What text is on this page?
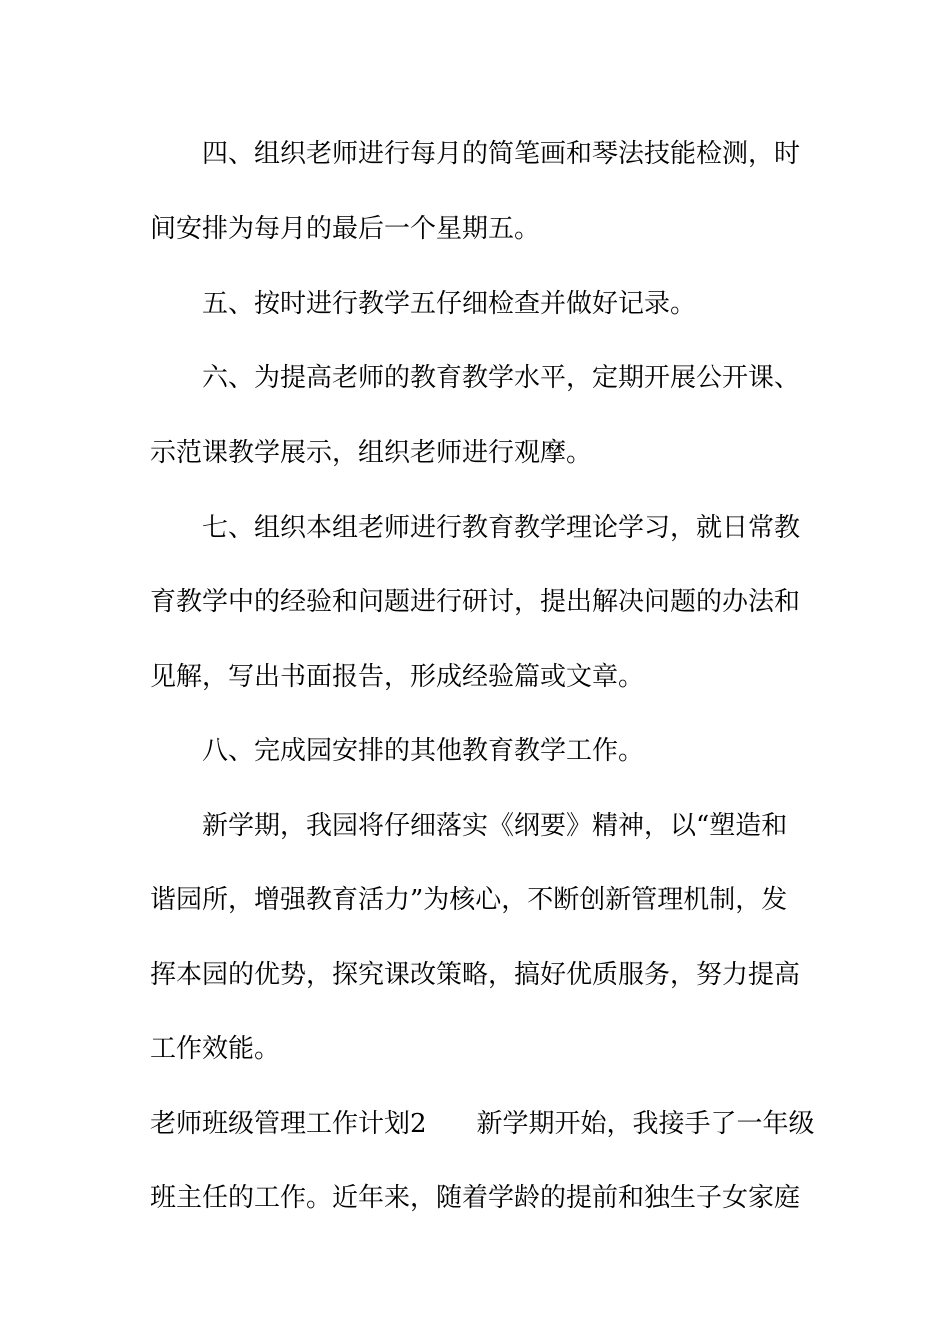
四、组织老师进行每月的简笔画和琴法技能检测，时
间安排为每月的最后一个星期五。
五、按时进行教学五仔细检查并做好记录。
六、为提高老师的教育教学水平，定期开展公开课、
示范课教学展示，组织老师进行观摩。
七、组织本组老师进行教育教学理论学习，就日常教
育教学中的经验和问题进行研讨，提出解决问题的办法和
见解，写出书面报告，形成经验篇或文章。
八、完成园安排的其他教育教学工作。
新学期，我园将仔细落实《纲要》精神，以“塑造和
谐园所，增强教育活力”为核心，不断创新管理机制，发
挥本园的优势，探究课改策略，搞好优质服务，努力提高
工作效能。
老师班级管理工作计划2 新学期开始，我接手了一年级
班主任的工作。近年来，随着学龄的提前和独生子女家庭
